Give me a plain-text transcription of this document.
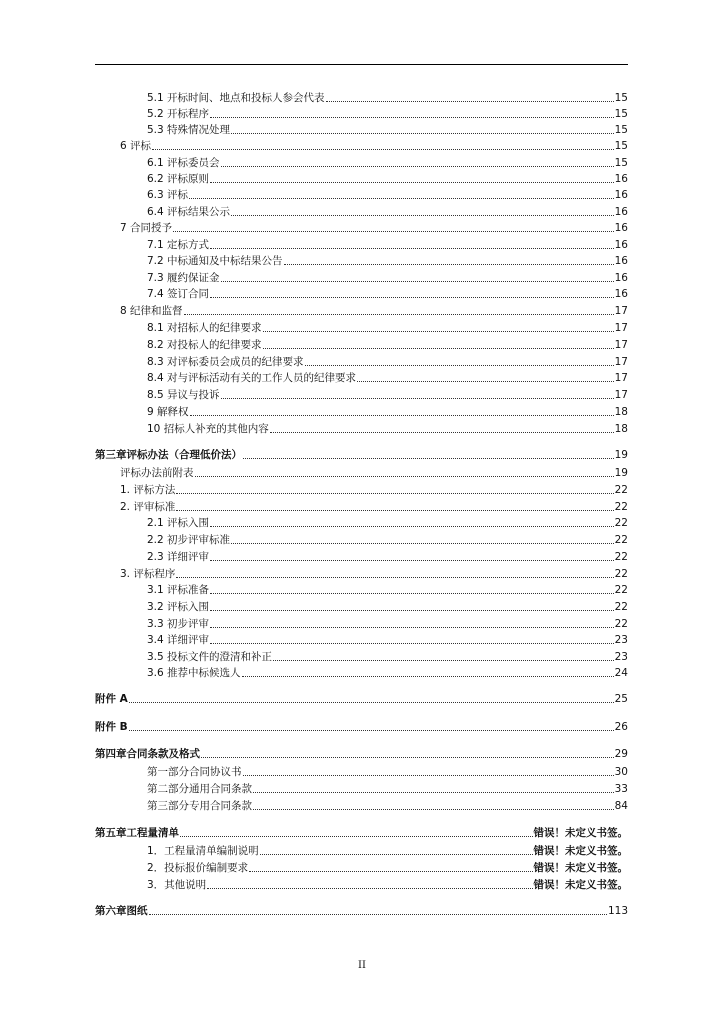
5.1 开标时间、地点和投标人参会代表	15
5.2 开标程序	15
5.3 特殊情况处理	15
6 评标	15
6.1 评标委员会	15
6.2 评标原则	16
6.3 评标	16
6.4 评标结果公示	16
7 合同授予	16
7.1 定标方式	16
7.2 中标通知及中标结果公告	16
7.3 履约保证金	16
7.4 签订合同	16
8 纪律和监督	17
8.1 对招标人的纪律要求	17
8.2 对投标人的纪律要求	17
8.3 对评标委员会成员的纪律要求	17
8.4 对与评标活动有关的工作人员的纪律要求	17
8.5 异议与投诉	17
9 解释权	18
10 招标人补充的其他内容	18
第三章评标办法（合理低价法）	19
评标办法前附表	19
1. 评标方法	22
2. 评审标准	22
2.1 评标入围	22
2.2 初步评审标准	22
2.3 详细评审	22
3. 评标程序	22
3.1 评标准备	22
3.2 评标入围	22
3.3 初步评审	22
3.4 详细评审	23
3.5 投标文件的澄清和补正	23
3.6 推荐中标候选人	24
附件 A	25
附件 B	26
第四章合同条款及格式	29
第一部分合同协议书	30
第二部分通用合同条款	33
第三部分专用合同条款	84
第五章工程量清单	错误！未定义书签。
1．工程量清单编制说明	错误！未定义书签。
2．投标报价编制要求	错误！未定义书签。
3．其他说明	错误！未定义书签。
第六章图纸	113
II
